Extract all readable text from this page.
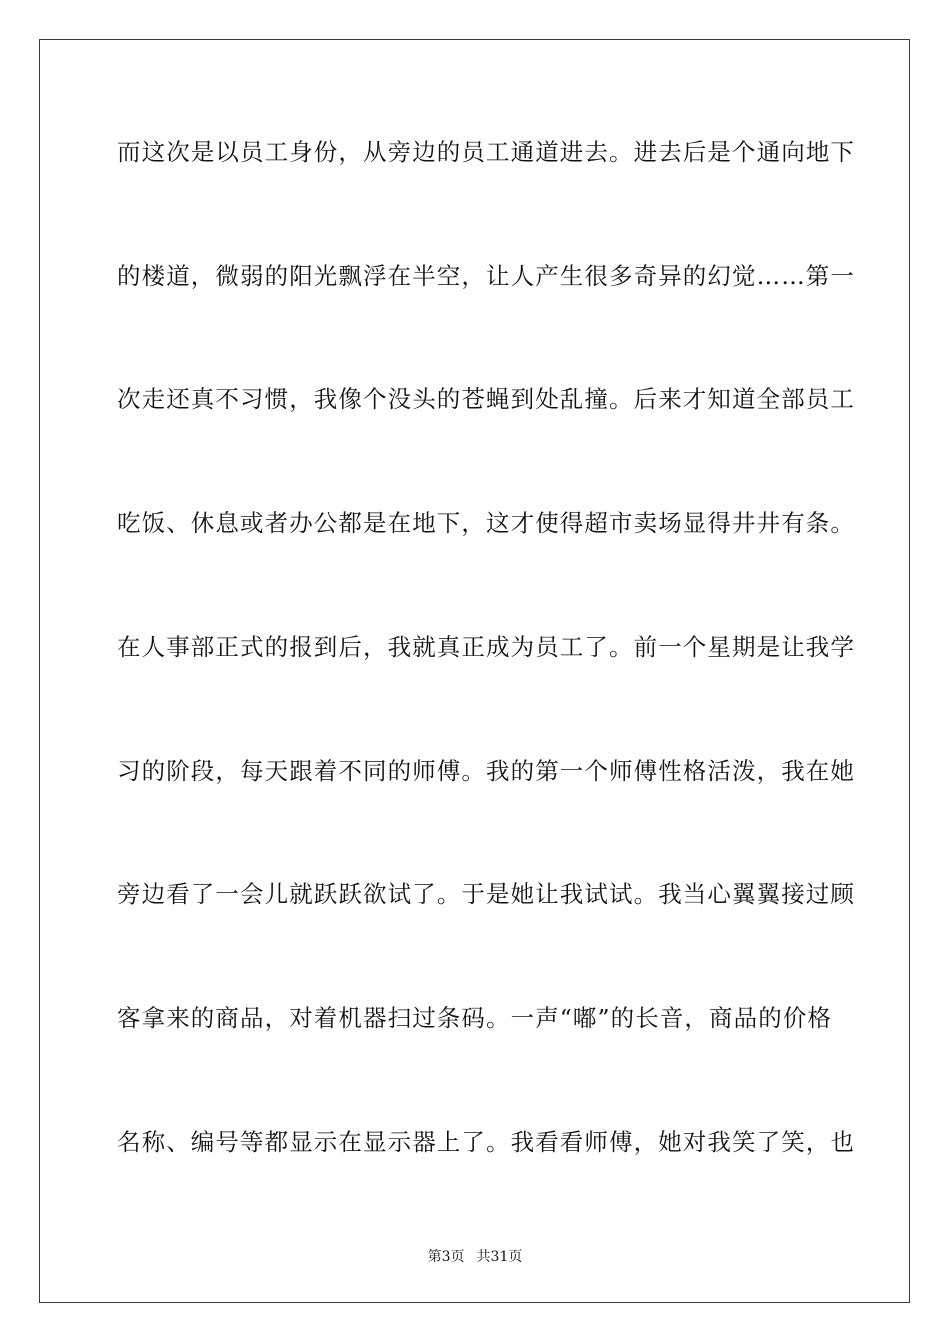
而这次是以员工身份，从旁边的员工通道进去。进去后是个通向地下
的楼道，微弱的阳光飘浮在半空，让人产生很多奇异的幻觉……第一
次走还真不习惯，我像个没头的苍蝇到处乱撞。后来才知道全部员工
吃饭、休息或者办公都是在地下，这才使得超市卖场显得井井有条。
在人事部正式的报到后，我就真正成为员工了。前一个星期是让我学
习的阶段，每天跟着不同的师傅。我的第一个师傅性格活泼，我在她
旁边看了一会儿就跃跃欲试了。于是她让我试试。我当心翼翼接过顾
客拿来的商品，对着机器扫过条码。一声“嘟”的长音，商品的价格
名称、编号等都显示在显示器上了。我看看师傅，她对我笑了笑，也
第3页 共31页
